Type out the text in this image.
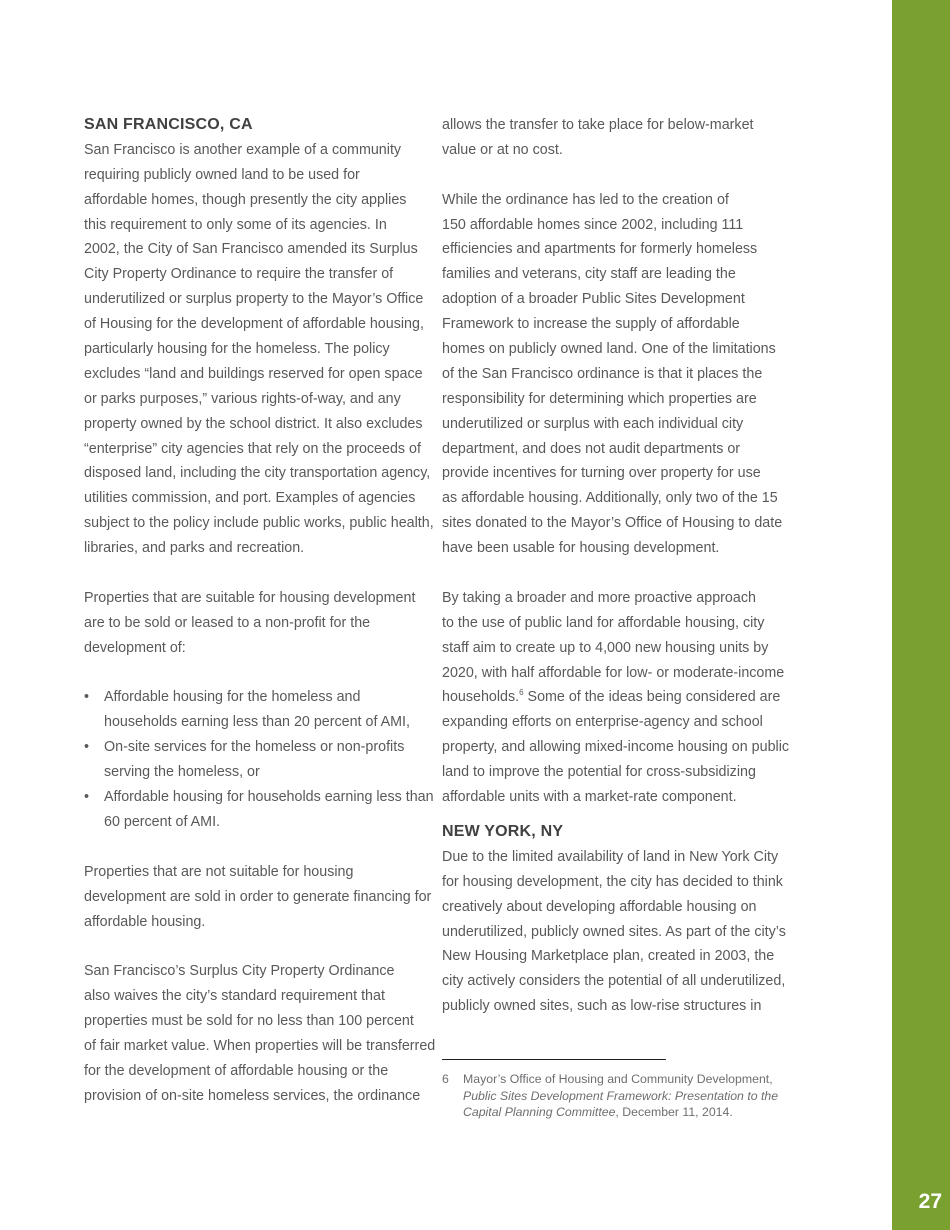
SAN FRANCISCO, CA
San Francisco is another example of a community
requiring publicly owned land to be used for
affordable homes, though presently the city applies
this requirement to only some of its agencies. In
2002, the City of San Francisco amended its Surplus
City Property Ordinance to require the transfer of
underutilized or surplus property to the Mayor’s Office
of Housing for the development of affordable housing,
particularly housing for the homeless. The policy
excludes “land and buildings reserved for open space
or parks purposes,” various rights-of-way, and any
property owned by the school district. It also excludes
“enterprise” city agencies that rely on the proceeds of
disposed land, including the city transportation agency,
utilities commission, and port. Examples of agencies
subject to the policy include public works, public health,
libraries, and parks and recreation.
Properties that are suitable for housing development
are to be sold or leased to a non-profit for the
development of:
• Affordable housing for the homeless and
households earning less than 20 percent of AMI,
• On-site services for the homeless or non-profits
serving the homeless, or
• Affordable housing for households earning less than
60 percent of AMI.
Properties that are not suitable for housing
development are sold in order to generate financing for
affordable housing.
San Francisco’s Surplus City Property Ordinance
also waives the city’s standard requirement that
properties must be sold for no less than 100 percent
of fair market value. When properties will be transferred
for the development of affordable housing or the
provision of on-site homeless services, the ordinance
allows the transfer to take place for below-market
value or at no cost.
While the ordinance has led to the creation of
150 affordable homes since 2002, including 111
efficiencies and apartments for formerly homeless
families and veterans, city staff are leading the
adoption of a broader Public Sites Development
Framework to increase the supply of affordable
homes on publicly owned land. One of the limitations
of the San Francisco ordinance is that it places the
responsibility for determining which properties are
underutilized or surplus with each individual city
department, and does not audit departments or
provide incentives for turning over property for use
as affordable housing. Additionally, only two of the 15
sites donated to the Mayor’s Office of Housing to date
have been usable for housing development.
By taking a broader and more proactive approach
to the use of public land for affordable housing, city
staff aim to create up to 4,000 new housing units by
2020, with half affordable for low- or moderate-income
households.$^6$ Some of the ideas being considered are
expanding efforts on enterprise-agency and school
property, and allowing mixed-income housing on public
land to improve the potential for cross-subsidizing
affordable units with a market-rate component.
NEW YORK, NY
Due to the limited availability of land in New York City
for housing development, the city has decided to think
creatively about developing affordable housing on
underutilized, publicly owned sites. As part of the city’s
New Housing Marketplace plan, created in 2003, the
city actively considers the potential of all underutilized,
publicly owned sites, such as low-rise structures in
6 Mayor’s Office of Housing and Community Development,
Public Sites Development Framework: Presentation to the
Capital Planning Committee, December 11, 2014.
27
